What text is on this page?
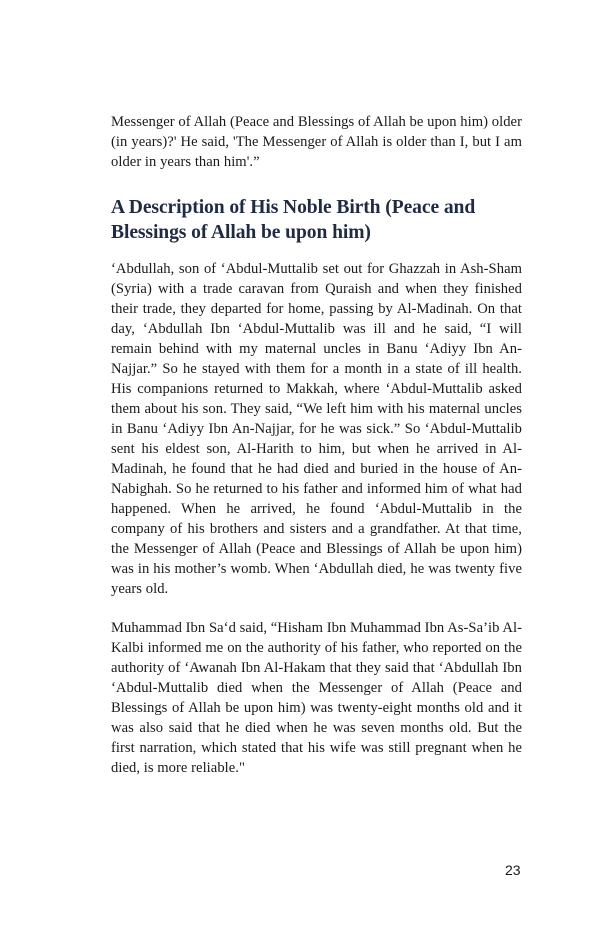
Messenger of Allah (Peace and Blessings of Allah be upon him) older (in years)?' He said, 'The Messenger of Allah is older than I, but I am older in years than him'.”

A Description of His Noble Birth (Peace and Blessings of Allah be upon him)

‘Abdullah, son of ‘Abdul-Muttalib set out for Ghazzah in Ash-Sham (Syria) with a trade caravan from Quraish and when they finished their trade, they departed for home, passing by Al-Madinah. On that day, ‘Abdullah Ibn ‘Abdul-Muttalib was ill and he said, “I will remain behind with my maternal uncles in Banu ‘Adiyy Ibn An-Najjar.” So he stayed with them for a month in a state of ill health. His companions returned to Makkah, where ‘Abdul-Muttalib asked them about his son. They said, “We left him with his maternal uncles in Banu ‘Adiyy Ibn An-Najjar, for he was sick.” So ‘Abdul-Muttalib sent his eldest son, Al-Harith to him, but when he arrived in Al-Madinah, he found that he had died and buried in the house of An-Nabighah. So he returned to his father and informed him of what had happened. When he arrived, he found ‘Abdul-Muttalib in the company of his brothers and sisters and a grandfather. At that time, the Messenger of Allah (Peace and Blessings of Allah be upon him) was in his mother’s womb. When ‘Abdullah died, he was twenty five years old.

Muhammad Ibn Sa‘d said, “Hisham Ibn Muhammad Ibn As-Sa’ib Al-Kalbi informed me on the authority of his father, who reported on the authority of ‘Awanah Ibn Al-Hakam that they said that ‘Abdullah Ibn ‘Abdul-Muttalib died when the Messenger of Allah (Peace and Blessings of Allah be upon him) was twenty-eight months old and it was also said that he died when he was seven months old. But the first narration, which stated that his wife was still pregnant when he died, is more reliable."

23
